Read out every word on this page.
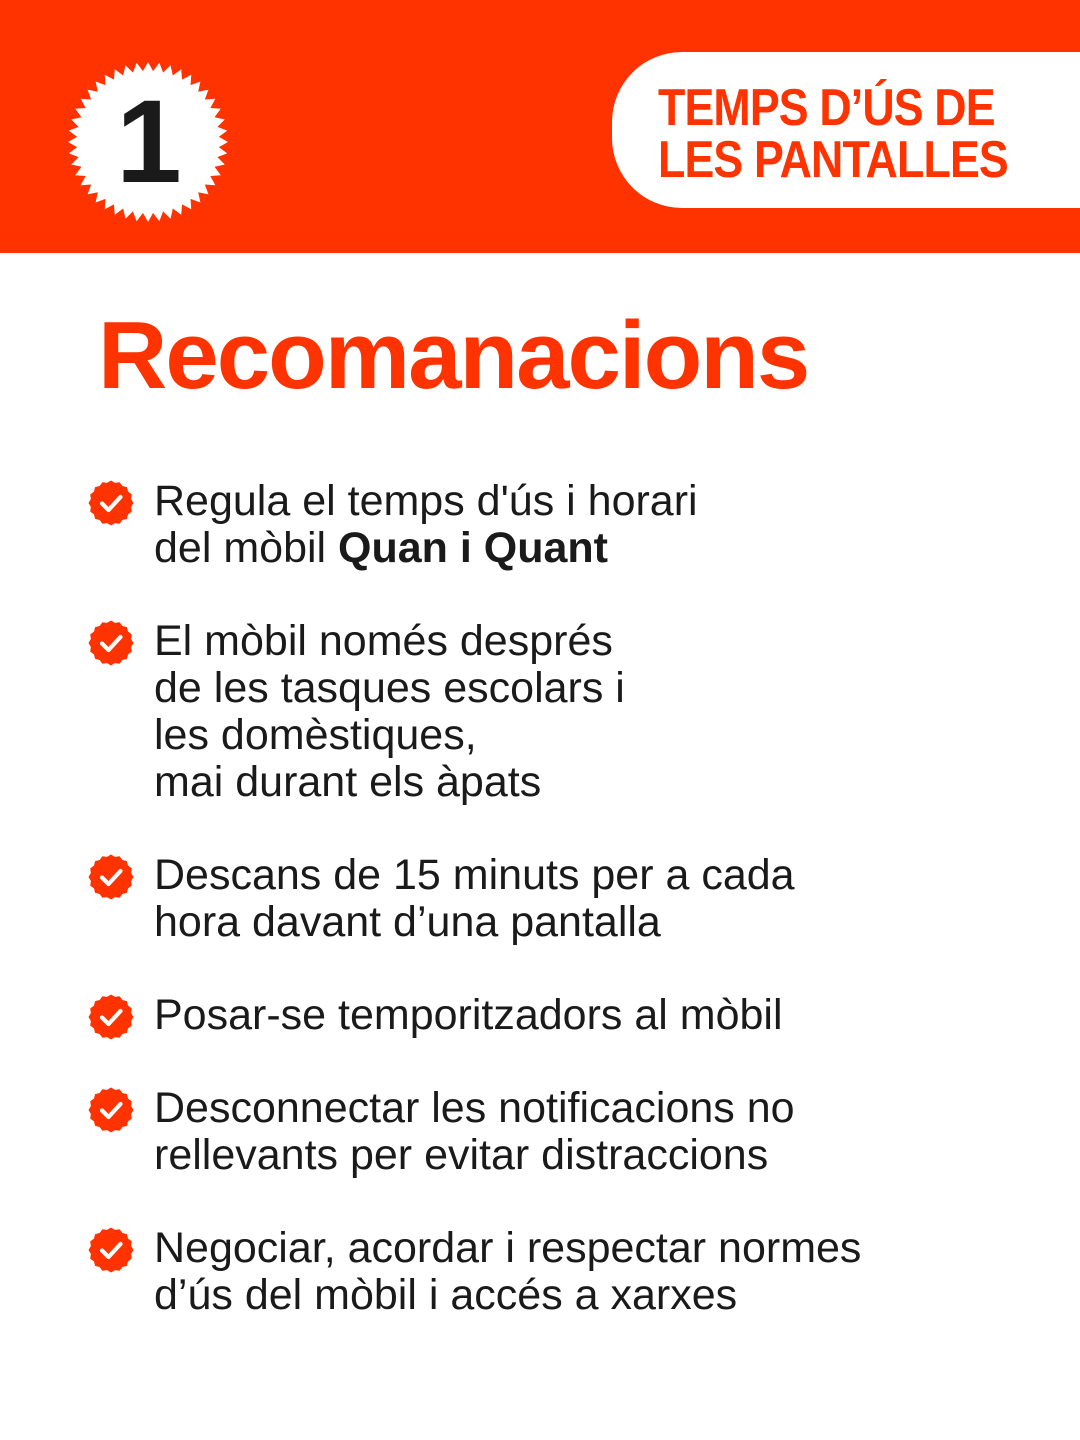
1	TEMPS D’ÚS DE
LES PANTALLES
Recomanacions
Regula el temps d'ús i horari
del mòbil Quan i Quant
El mòbil només després
de les tasques escolars i
les domèstiques,
mai durant els àpats
Descans de 15 minuts per a cada
hora davant d’una pantalla
Posar-se temporitzadors al mòbil
Desconnectar les notificacions no
rellevants per evitar distraccions
Negociar, acordar i respectar normes
d’ús del mòbil i accés a xarxes
